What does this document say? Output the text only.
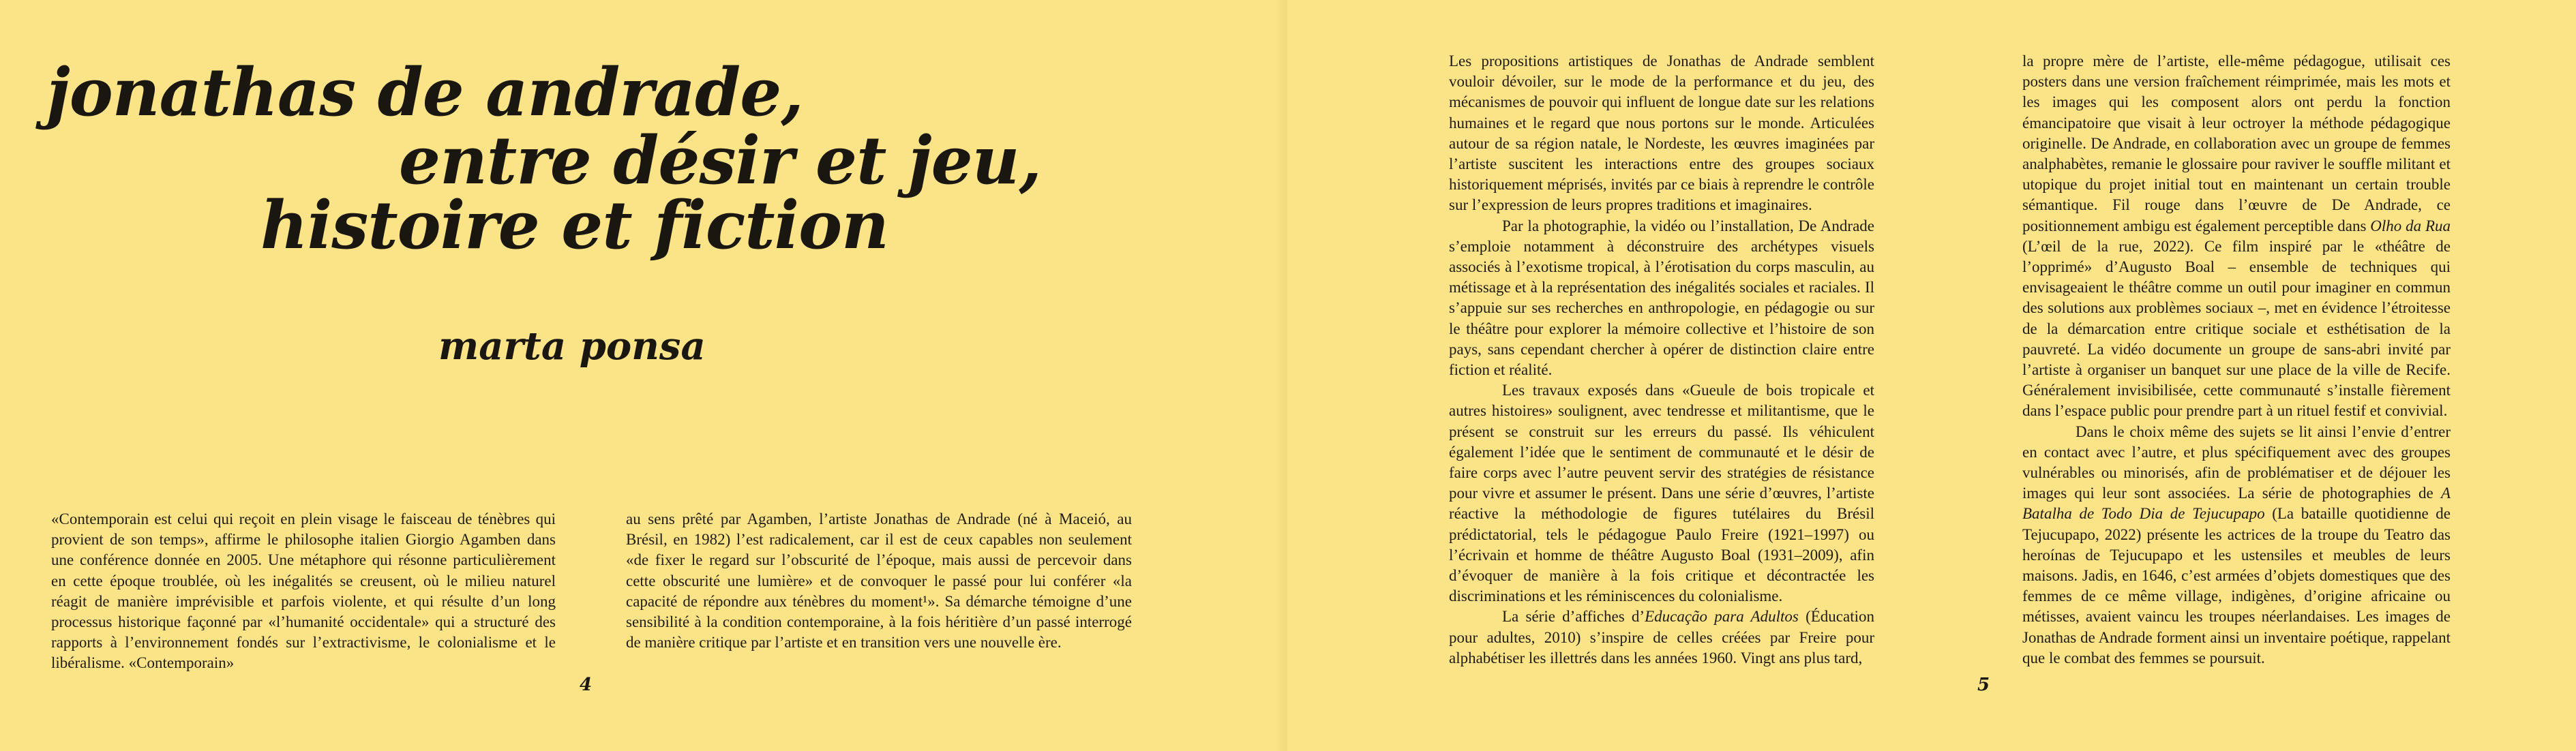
jonathas de andrade,
entre désir et jeu,
histoire et fiction
marta ponsa

«Contemporain est celui qui reçoit en plein visage le faisceau de ténèbres qui provient de son temps», affirme le philosophe italien Giorgio Agamben dans une conférence donnée en 2005. Une métaphore qui résonne particulièrement en cette époque troublée, où les inégalités se creusent, où le milieu naturel réagit de manière imprévisible et parfois violente, et qui résulte d’un long processus historique façonné par «l’humanité occidentale» qui a structuré des rapports à l’environnement fondés sur l’extractivisme, le colonialisme et le libéralisme. «Contemporain»

4

au sens prêté par Agamben, l’artiste Jonathas de Andrade (né à Maceió, au Brésil, en 1982) l’est radicalement, car il est de ceux capables non seulement «de fixer le regard sur l’obscurité de l’époque, mais aussi de percevoir dans cette obscurité une lumière» et de convoquer le passé pour lui conférer «la capacité de répondre aux ténèbres du moment¹». Sa démarche témoigne d’une sensibilité à la condition contemporaine, à la fois héritière d’un passé interrogé de manière critique par l’artiste et en transition vers une nouvelle ère.

Les propositions artistiques de Jonathas de Andrade semblent vouloir dévoiler, sur le mode de la performance et du jeu, des mécanismes de pouvoir qui influent de longue date sur les relations humaines et le regard que nous portons sur le monde. Articulées autour de sa région natale, le Nordeste, les œuvres imaginées par l’artiste suscitent les interactions entre des groupes sociaux historiquement méprisés, invités par ce biais à reprendre le contrôle sur l’expression de leurs propres traditions et imaginaires.

Par la photographie, la vidéo ou l’installation, De Andrade s’emploie notamment à déconstruire des archétypes visuels associés à l’exotisme tropical, à l’érotisation du corps masculin, au métissage et à la représentation des inégalités sociales et raciales. Il s’appuie sur ses recherches en anthropologie, en pédagogie ou sur le théâtre pour explorer la mémoire collective et l’histoire de son pays, sans cependant chercher à opérer de distinction claire entre fiction et réalité.

Les travaux exposés dans «Gueule de bois tropicale et autres histoires» soulignent, avec tendresse et militantisme, que le présent se construit sur les erreurs du passé. Ils véhiculent également l’idée que le sentiment de communauté et le désir de faire corps avec l’autre peuvent servir des stratégies de résistance pour vivre et assumer le présent. Dans une série d’œuvres, l’artiste réactive la méthodologie de figures tutélaires du Brésil prédictatorial, tels le pédagogue Paulo Freire (1921–1997) ou l’écrivain et homme de théâtre Augusto Boal (1931–2009), afin d’évoquer de manière à la fois critique et décontractée les discriminations et les réminiscences du colonialisme.

La série d’affiches d’Educação para Adultos (Éducation pour adultes, 2010) s’inspire de celles créées par Freire pour alphabétiser les illettrés dans les années 1960. Vingt ans plus tard,

5

la propre mère de l’artiste, elle-même pédagogue, utilisait ces posters dans une version fraîchement réimprimée, mais les mots et les images qui les composent alors ont perdu la fonction émancipatoire que visait à leur octroyer la méthode pédagogique originelle. De Andrade, en collaboration avec un groupe de femmes analphabètes, remanie le glossaire pour raviver le souffle militant et utopique du projet initial tout en maintenant un certain trouble sémantique. Fil rouge dans l’œuvre de De Andrade, ce positionnement ambigu est également perceptible dans Olho da Rua (L’œil de la rue, 2022). Ce film inspiré par le «théâtre de l’opprimé» d’Augusto Boal – ensemble de techniques qui envisageaient le théâtre comme un outil pour imaginer en commun des solutions aux problèmes sociaux –, met en évidence l’étroitesse de la démarcation entre critique sociale et esthétisation de la pauvreté. La vidéo documente un groupe de sans-abri invité par l’artiste à organiser un banquet sur une place de la ville de Recife. Généralement invisibilisée, cette communauté s’installe fièrement dans l’espace public pour prendre part à un rituel festif et convivial.

Dans le choix même des sujets se lit ainsi l’envie d’entrer en contact avec l’autre, et plus spécifiquement avec des groupes vulnérables ou minorisés, afin de problématiser et de déjouer les images qui leur sont associées. La série de photographies de A Batalha de Todo Dia de Tejucupapo (La bataille quotidienne de Tejucupapo, 2022) présente les actrices de la troupe du Teatro das heroínas de Tejucupapo et les ustensiles et meubles de leurs maisons. Jadis, en 1646, c’est armées d’objets domestiques que des femmes de ce même village, indigènes, d’origine africaine ou métisses, avaient vaincu les troupes néerlandaises. Les images de Jonathas de Andrade forment ainsi un inventaire poétique, rappelant que le combat des femmes se poursuit.
